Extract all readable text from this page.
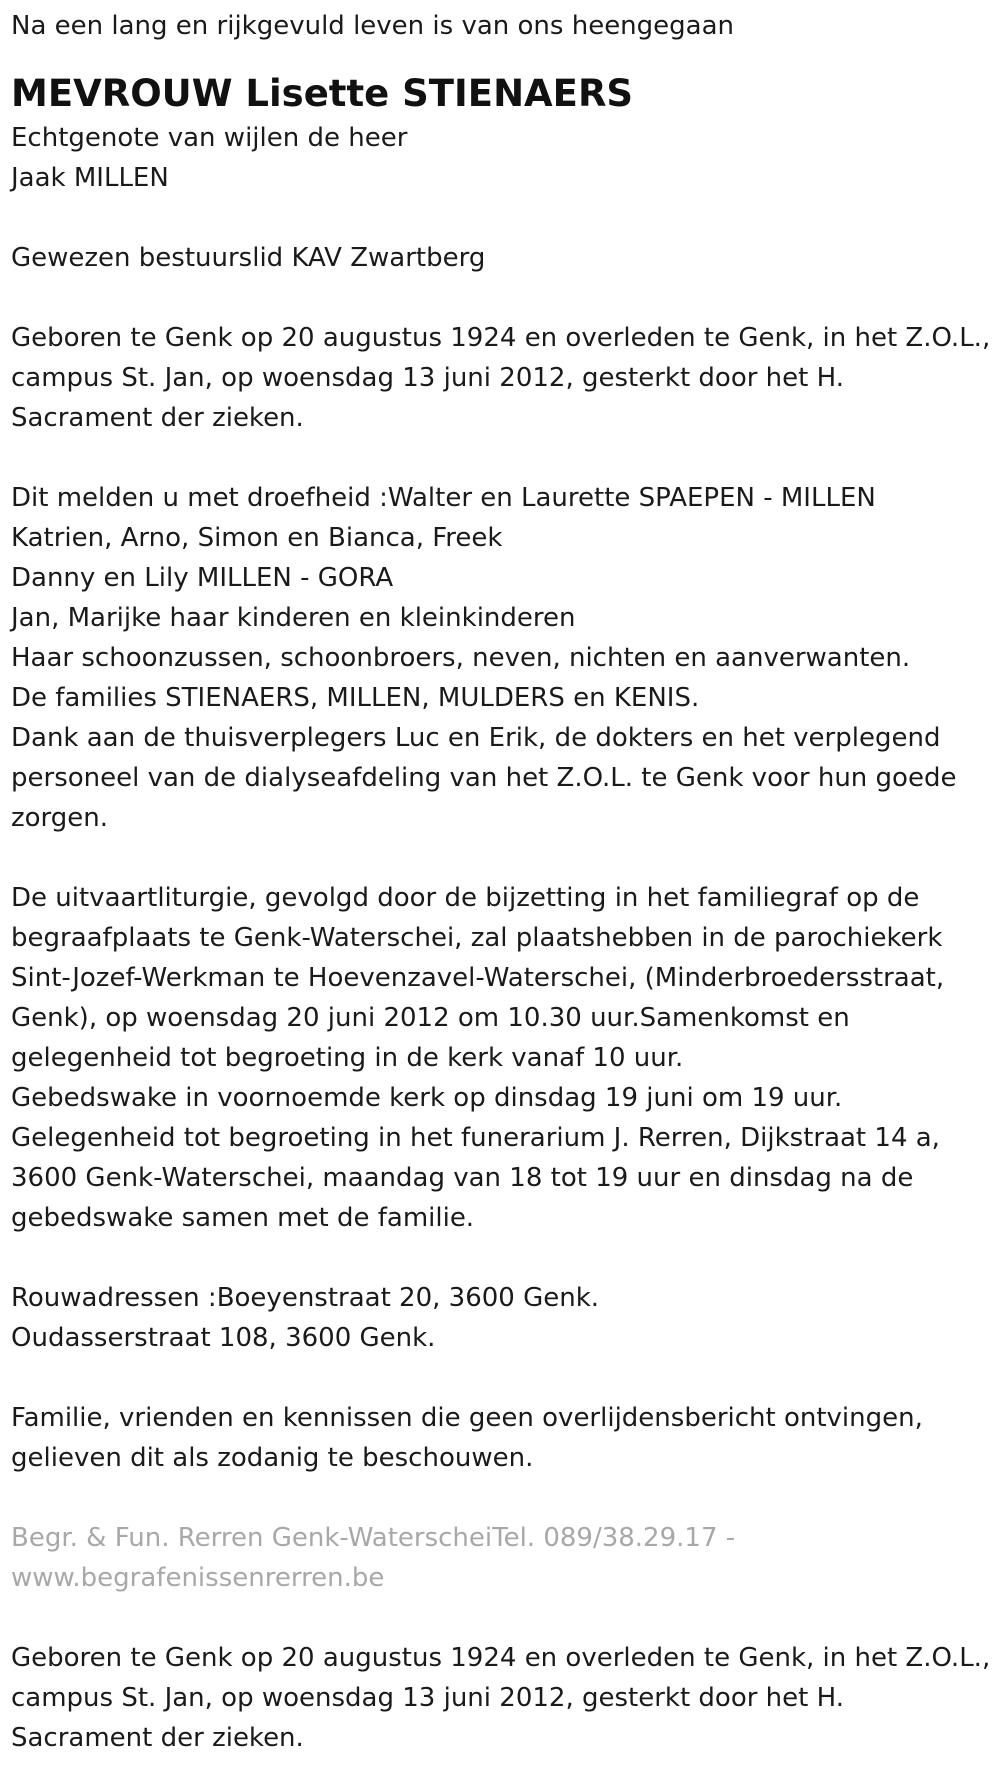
Na een lang en rijkgevuld leven is van ons heengegaan
MEVROUW Lisette STIENAERS
Echtgenote van wijlen de heer
Jaak MILLEN
Gewezen bestuurslid KAV Zwartberg
Geboren te Genk op 20 augustus 1924 en overleden te Genk, in het Z.O.L.,
campus St. Jan, op woensdag 13 juni 2012, gesterkt door het H.
Sacrament der zieken.
Dit melden u met droefheid :Walter en Laurette SPAEPEN - MILLEN
Katrien, Arno, Simon en Bianca, Freek
Danny en Lily MILLEN - GORA
Jan, Marijke haar kinderen en kleinkinderen
Haar schoonzussen, schoonbroers, neven, nichten en aanverwanten.
De families STIENAERS, MILLEN, MULDERS en KENIS.
Dank aan de thuisverplegers Luc en Erik, de dokters en het verplegend
personeel van de dialyseafdeling van het Z.O.L. te Genk voor hun goede
zorgen.
De uitvaartliturgie, gevolgd door de bijzetting in het familiegraf op de
begraafplaats te Genk-Waterschei, zal plaatshebben in de parochiekerk
Sint-Jozef-Werkman te Hoevenzavel-Waterschei, (Minderbroedersstraat,
Genk), op woensdag 20 juni 2012 om 10.30 uur.Samenkomst en
gelegenheid tot begroeting in de kerk vanaf 10 uur.
Gebedswake in voornoemde kerk op dinsdag 19 juni om 19 uur.
Gelegenheid tot begroeting in het funerarium J. Rerren, Dijkstraat 14 a,
3600 Genk-Waterschei, maandag van 18 tot 19 uur en dinsdag na de
gebedswake samen met de familie.
Rouwadressen :Boeyenstraat 20, 3600 Genk.
Oudasserstraat 108, 3600 Genk.
Familie, vrienden en kennissen die geen overlijdensbericht ontvingen,
gelieven dit als zodanig te beschouwen.
Begr. & Fun. Rerren Genk-WaterscheiTel. 089/38.29.17 -
www.begrafenissenrerren.be
Geboren te Genk op 20 augustus 1924 en overleden te Genk, in het Z.O.L.,
campus St. Jan, op woensdag 13 juni 2012, gesterkt door het H.
Sacrament der zieken.
